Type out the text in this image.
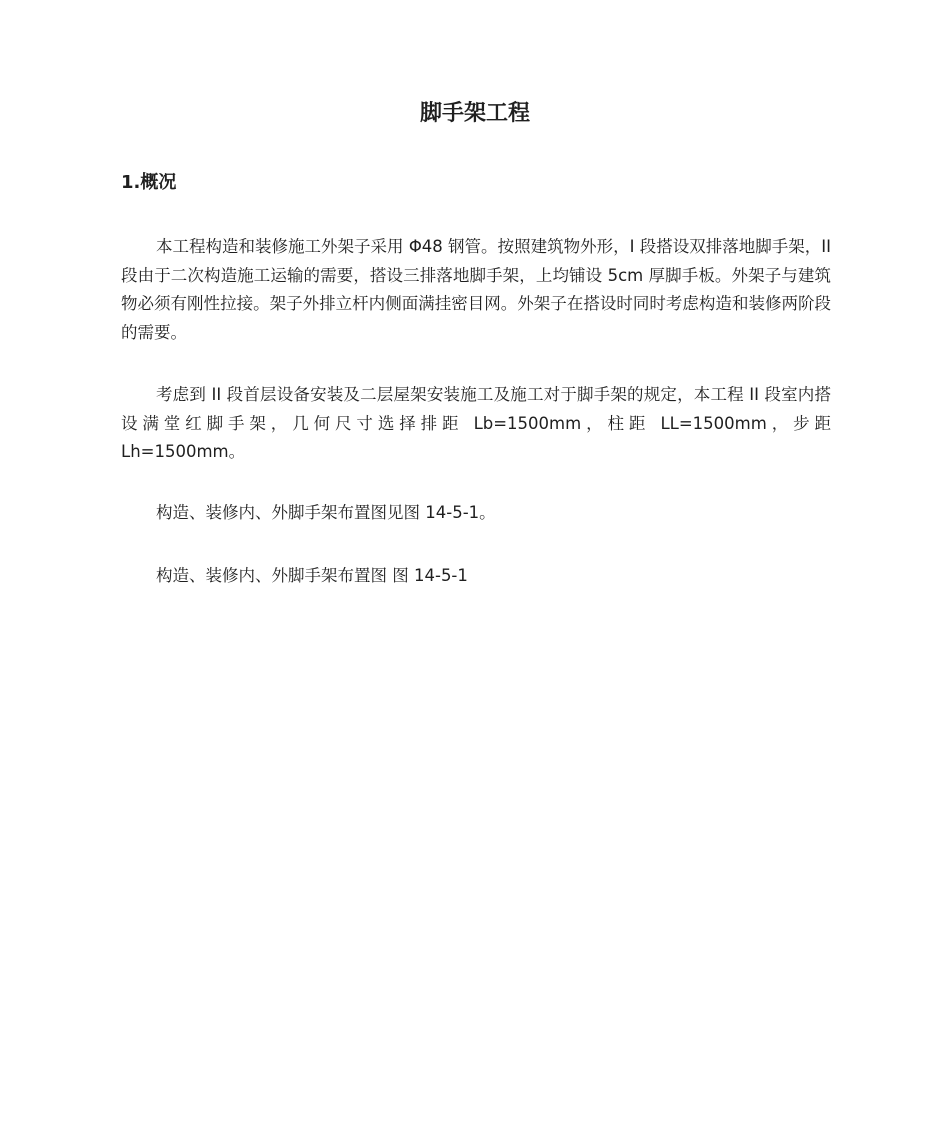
脚手架工程
1.概况

本工程构造和装修施工外架子采用 Φ48 钢管。按照建筑物外形，I 段搭设双排落地脚手架，II 段由于二次构造施工运输的需要，搭设三排落地脚手架，上均铺设 5cm 厚脚手板。外架子与建筑物必须有刚性拉接。架子外排立杆内侧面满挂密目网。外架子在搭设时同时考虑构造和装修两阶段的需要。

考虑到 II 段首层设备安装及二层屋架安装施工及施工对于脚手架的规定，本工程 II 段室内搭设满堂红脚手架，几何尺寸选择排距 Lb=1500mm，柱距 LL=1500mm，步距 Lh=1500mm。

构造、装修内、外脚手架布置图见图 14-5-1。

构造、装修内、外脚手架布置图 图 14-5-1
